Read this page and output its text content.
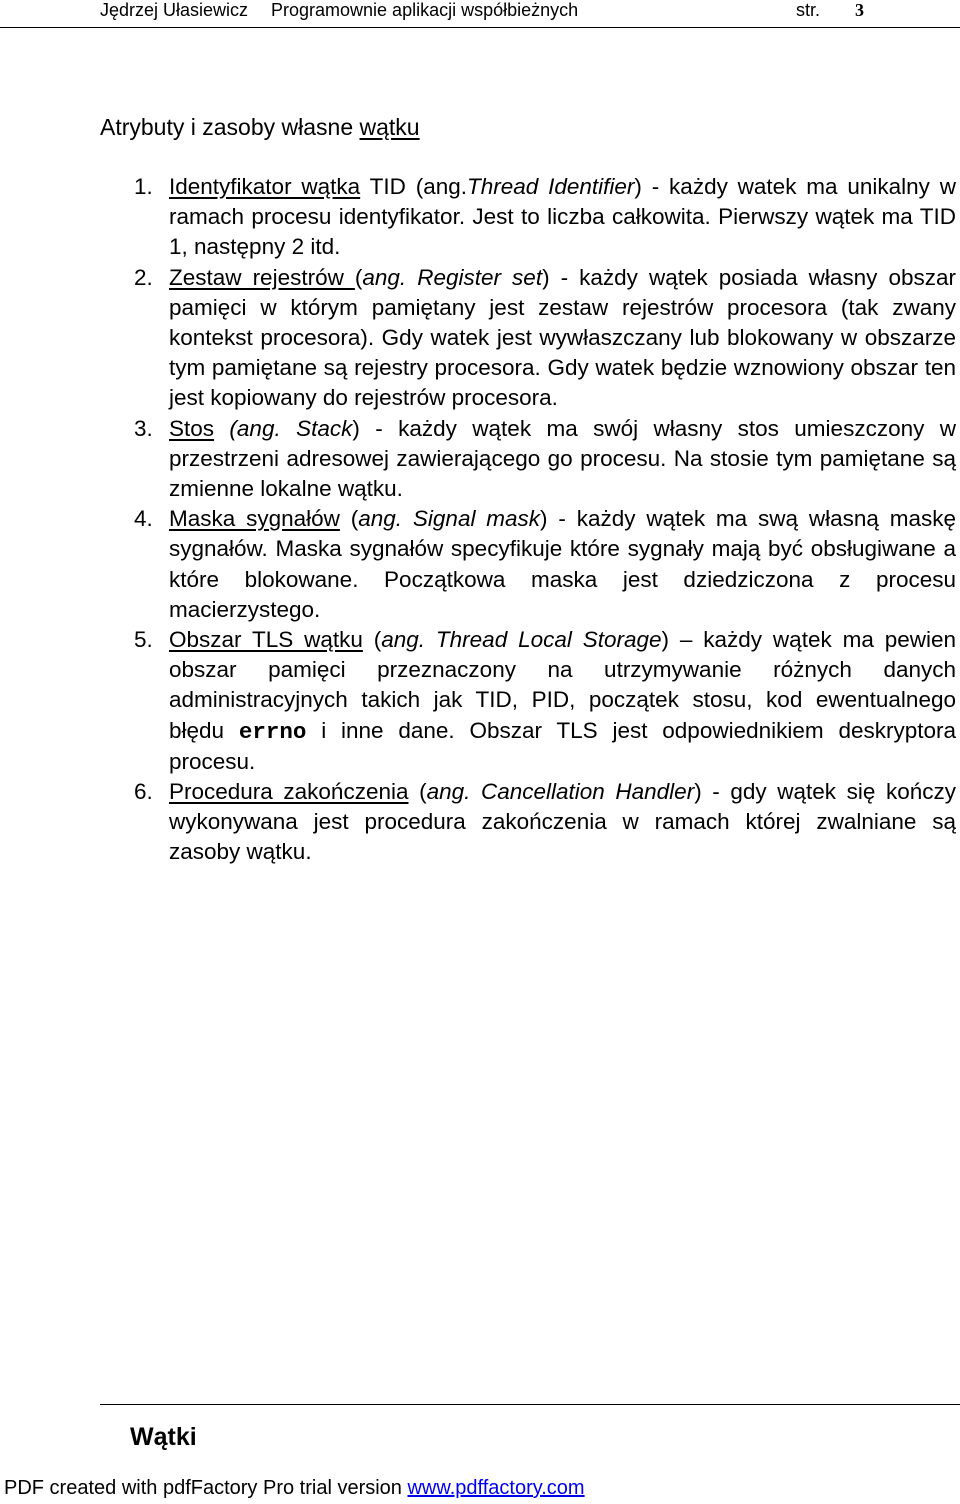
Jędrzej Ułasiewicz Programownie aplikacji współbieżnych	str. 3
Atrybuty i zasoby własne wątku
1. Identyfikator wątka TID (ang.Thread Identifier) - każdy watek ma unikalny w ramach procesu identyfikator. Jest to liczba całkowita. Pierwszy wątek ma TID 1, następny 2 itd.

2. Zestaw rejestrów (ang. Register set) - każdy wątek posiada własny obszar pamięci w którym pamiętany jest zestaw rejestrów procesora (tak zwany kontekst procesora). Gdy watek jest wywłaszczany lub blokowany w obszarze tym pamiętane są rejestry procesora. Gdy watek będzie wznowiony obszar ten jest kopiowany do rejestrów procesora.

3. Stos (ang. Stack) - każdy wątek ma swój własny stos umieszczony w przestrzeni adresowej zawierającego go procesu. Na stosie tym pamiętane są zmienne lokalne wątku.

4. Maska sygnałów (ang. Signal mask) - każdy wątek ma swą własną maskę sygnałów. Maska sygnałów specyfikuje które sygnały mają być obsługiwane a które blokowane. Początkowa maska jest dziedziczona z procesu macierzystego.

5. Obszar TLS wątku (ang. Thread Local Storage) – każdy wątek ma pewien obszar pamięci przeznaczony na utrzymywanie różnych danych administracyjnych takich jak TID, PID, początek stosu, kod ewentualnego błędu errno i inne dane. Obszar TLS jest odpowiednikiem deskryptora procesu.

6. Procedura zakończenia (ang. Cancellation Handler) - gdy wątek się kończy wykonywana jest procedura zakończenia w ramach której zwalniane są zasoby wątku.

Wątki
PDF created with pdfFactory Pro trial version www.pdffactory.com
